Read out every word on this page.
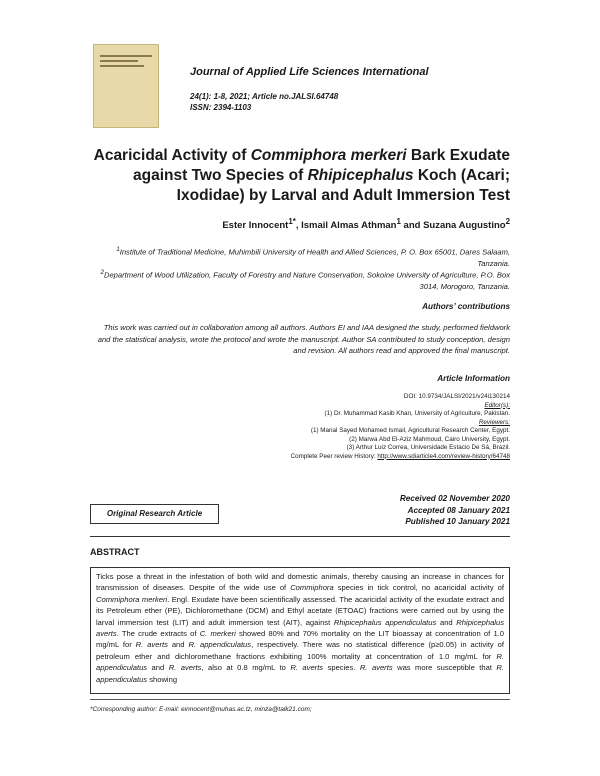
Journal of Applied Life Sciences International
24(1): 1-8, 2021; Article no.JALSI.64748
ISSN: 2394-1103
Acaricidal Activity of Commiphora merkeri Bark Exudate against Two Species of Rhipicephalus Koch (Acari; Ixodidae) by Larval and Adult Immersion Test
Ester Innocent$^{1*}$, Ismail Almas Athman$^1$ and Suzana Augustino$^2$
$^1$Institute of Traditional Medicine, Muhimbili University of Health and Allied Sciences, P. O. Box 65001, Dares Salaam, Tanzania.
$^2$Department of Wood Utilization, Faculty of Forestry and Nature Conservation, Sokoine University of Agriculture, P.O. Box 3014, Morogoro, Tanzania.
Authors’ contributions
This work was carried out in collaboration among all authors. Authors EI and IAA designed the study, performed fieldwork and the statistical analysis, wrote the protocol and wrote the manuscript. Author SA contributed to study conception, design and revision. All authors read and approved the final manuscript.
Article Information
DOI: 10.9734/JALSI/2021/v24i130214
Editor(s):
(1) Dr. Muhammad Kasib Khan, University of Agriculture, Pakistan.
Reviewers:
(1) Manal Sayed Mohamed Ismail, Agricultural Research Center, Egypt.
(2) Marwa Abd El-Aziz Mahmoud, Cairo University, Egypt.
(3) Arthur Luiz Correa, Universidade Estacio De Sá, Brazil.
Complete Peer review History: http://www.sdiarticle4.com/review-history/64748
Original Research Article
Received 02 November 2020
Accepted 08 January 2021
Published 10 January 2021
ABSTRACT

Ticks pose a threat in the infestation of both wild and domestic animals, thereby causing an increase in chances for transmission of diseases. Despite of the wide use of Commiphora species in tick control, no acaricidal activity of Commiphora merkeri. Engl. Exudate have been scientifically assessed. The acaricidal activity of the exudate extract and its Petroleum ether (PE), Dichloromethane (DCM) and Ethyl acetate (ETOAC) fractions were carried out by using the larval immersion test (LIT) and adult immersion test (AIT), against Rhipicephalus appendiculatus and Rhipicephalus averts. The crude extracts of C. merkeri showed 80% and 70% mortality on the LIT bioassay at concentration of 1.0 mg/mL for R. averts and R. appendiculatus, respectively. There was no statistical difference (p≥0.05) in activity of petroleum ether and dichloromethane fractions exhibiting 100% mortality at concentration of 1.0 mg/mL for R. appendiculatus and R. averts, also at 0.8 mg/mL to R. averts species. R. averts was more susceptible that R. appendiculatus showing

*Corresponding author: E-mail: einnocent@muhas.ac.tz, minza@talk21.com;
